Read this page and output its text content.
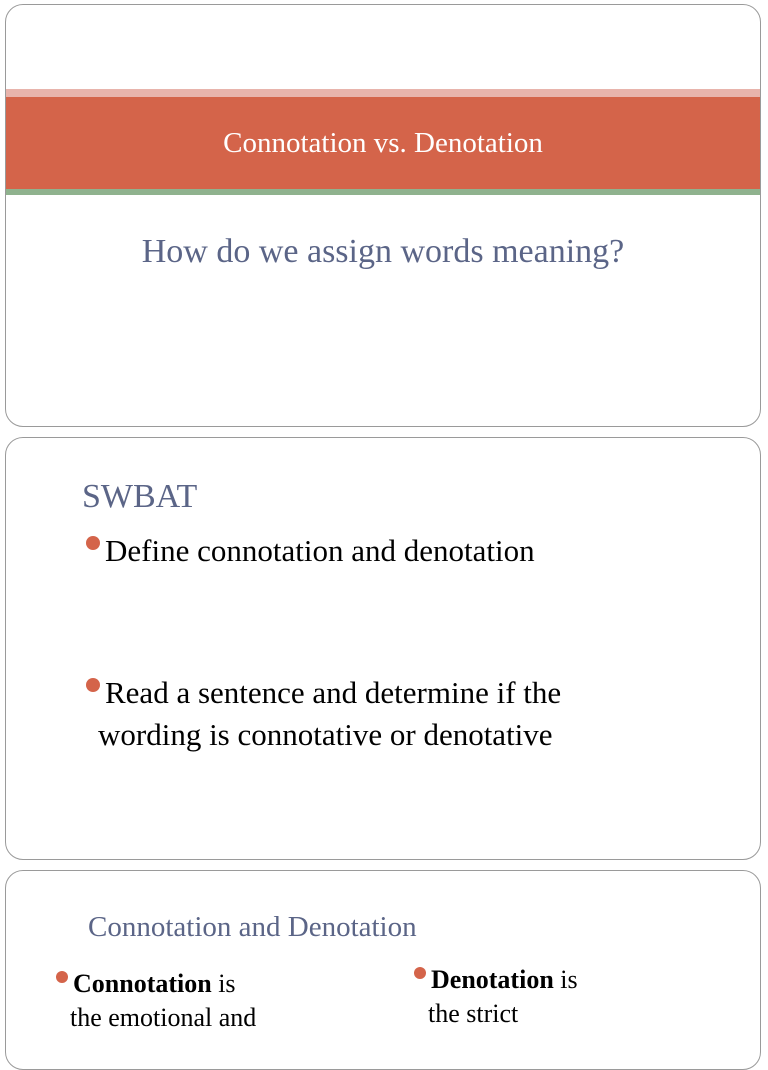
Connotation vs. Denotation
How do we assign words meaning?
SWBAT
Define connotation and denotation
Read a sentence and determine if the
wording is connotative or denotative
Connotation and Denotation
Connotation is
the emotional and
Denotation is
the strict
